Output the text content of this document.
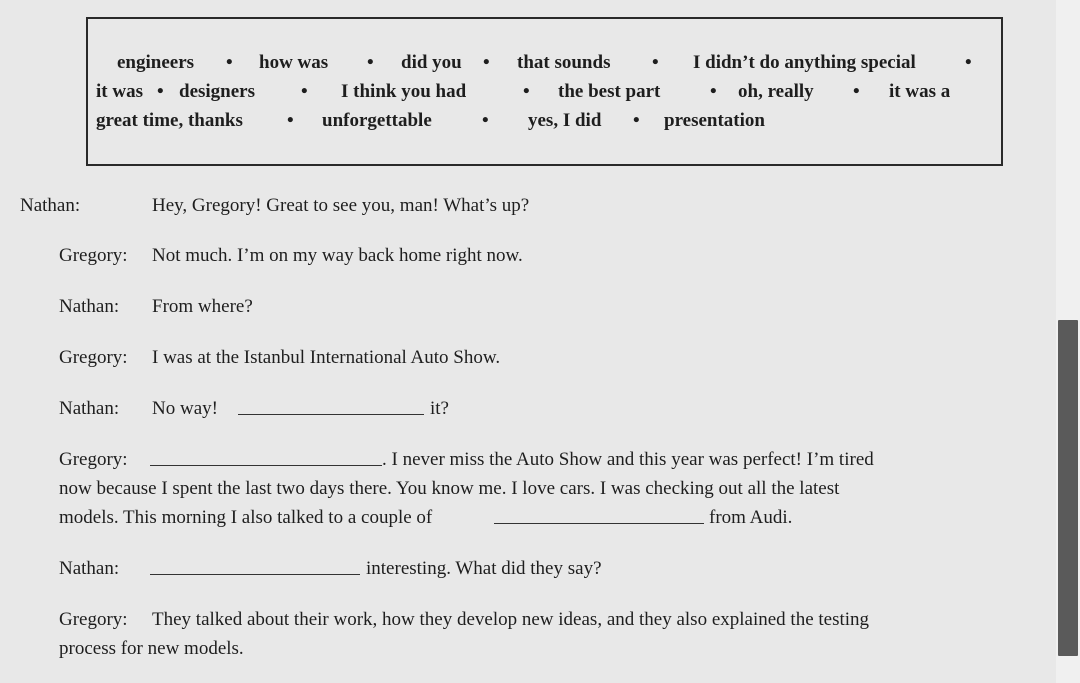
engineers • how was • did you • that sounds • I didn’t do anything special	•
it was • designers • I think you had	• the best part	• oh, really • it was a
great time, thanks • unforgettable	• yes, I did • presentation
Nathan:	Hey, Gregory! Great to see you, man! What’s up?
Gregory: Not much. I’m on my way back home right now.
Nathan: From where?
Gregory: I was at the Istanbul International Auto Show.
Nathan: No way!	it?
Gregory:	. I never miss the Auto Show and this year was perfect! I’m tired
now because I spent the last two days there. You know me. I love cars. I was checking out all the latest
models. This morning I also talked to a couple of	from Audi.
Nathan:	interesting. What did they say?
Gregory: They talked about their work, how they develop new ideas, and they also explained the testing
process for new models.
